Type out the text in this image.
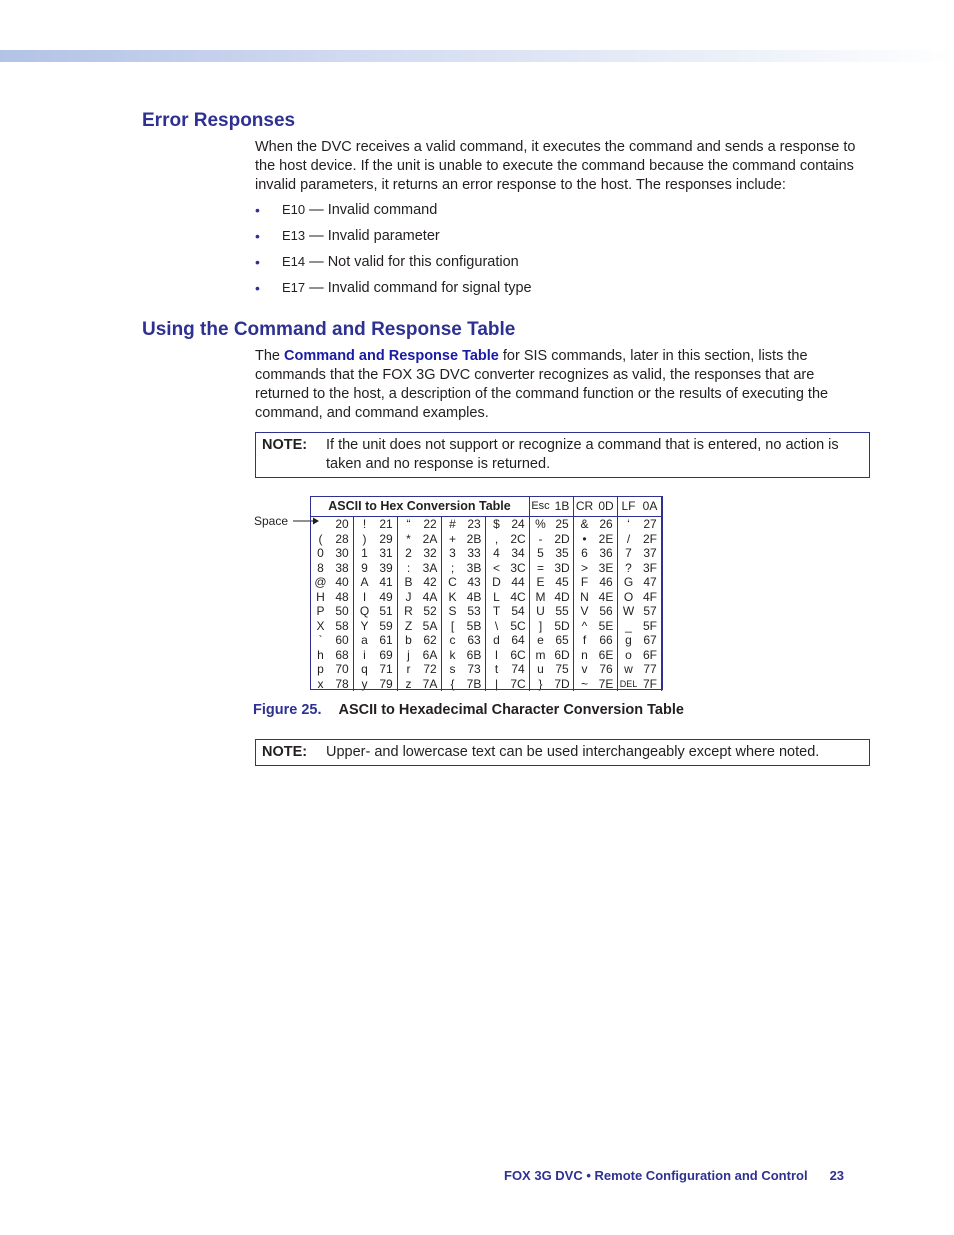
Error Responses

When the DVC receives a valid command, it executes the command and sends a response to the host device. If the unit is unable to execute the command because the command contains invalid parameters, it returns an error response to the host. The responses include:

• E10 — Invalid command
• E13 — Invalid parameter
• E14 — Not valid for this configuration
• E17 — Invalid command for signal type
Using the Command and Response Table

The Command and Response Table for SIS commands, later in this section, lists the commands that the FOX 3G DVC converter recognizes as valid, the responses that are returned to the host, a description of the command function or the results of executing the command, and command examples.

NOTE: If the unit does not support or recognize a command that is entered, no action is taken and no response is returned.
Space
ASCII to Hex Conversion Table										Esc	1B	CR	0D	LF	0A
	20	!	21	“	22	#	23	$	24	%	25	&	26	‘	27
(	28	)	29	*	2A	+	2B	,	2C	-	2D	•	2E	/	2F
0	30	1	31	2	32	3	33	4	34	5	35	6	36	7	37
8	38	9	39	:	3A	;	3B	<	3C	=	3D	>	3E	?	3F
@	40	A	41	B	42	C	43	D	44	E	45	F	46	G	47
H	48	I	49	J	4A	K	4B	L	4C	M	4D	N	4E	O	4F
P	50	Q	51	R	52	S	53	T	54	U	55	V	56	W	57
X	58	Y	59	Z	5A	[	5B	\	5C	]	5D	^	5E	_	5F
`	60	a	61	b	62	c	63	d	64	e	65	f	66	g	67
h	68	i	69	j	6A	k	6B	l	6C	m	6D	n	6E	o	6F
p	70	q	71	r	72	s	73	t	74	u	75	v	76	w	77
x	78	y	79	z	7A	{	7B	|	7C	}	7D	~	7E	DEL	7F
Figure 25. ASCII to Hexadecimal Character Conversion Table
NOTE: Upper- and lowercase text can be used interchangeably except where noted.
FOX 3G DVC • Remote Configuration and Control 23
